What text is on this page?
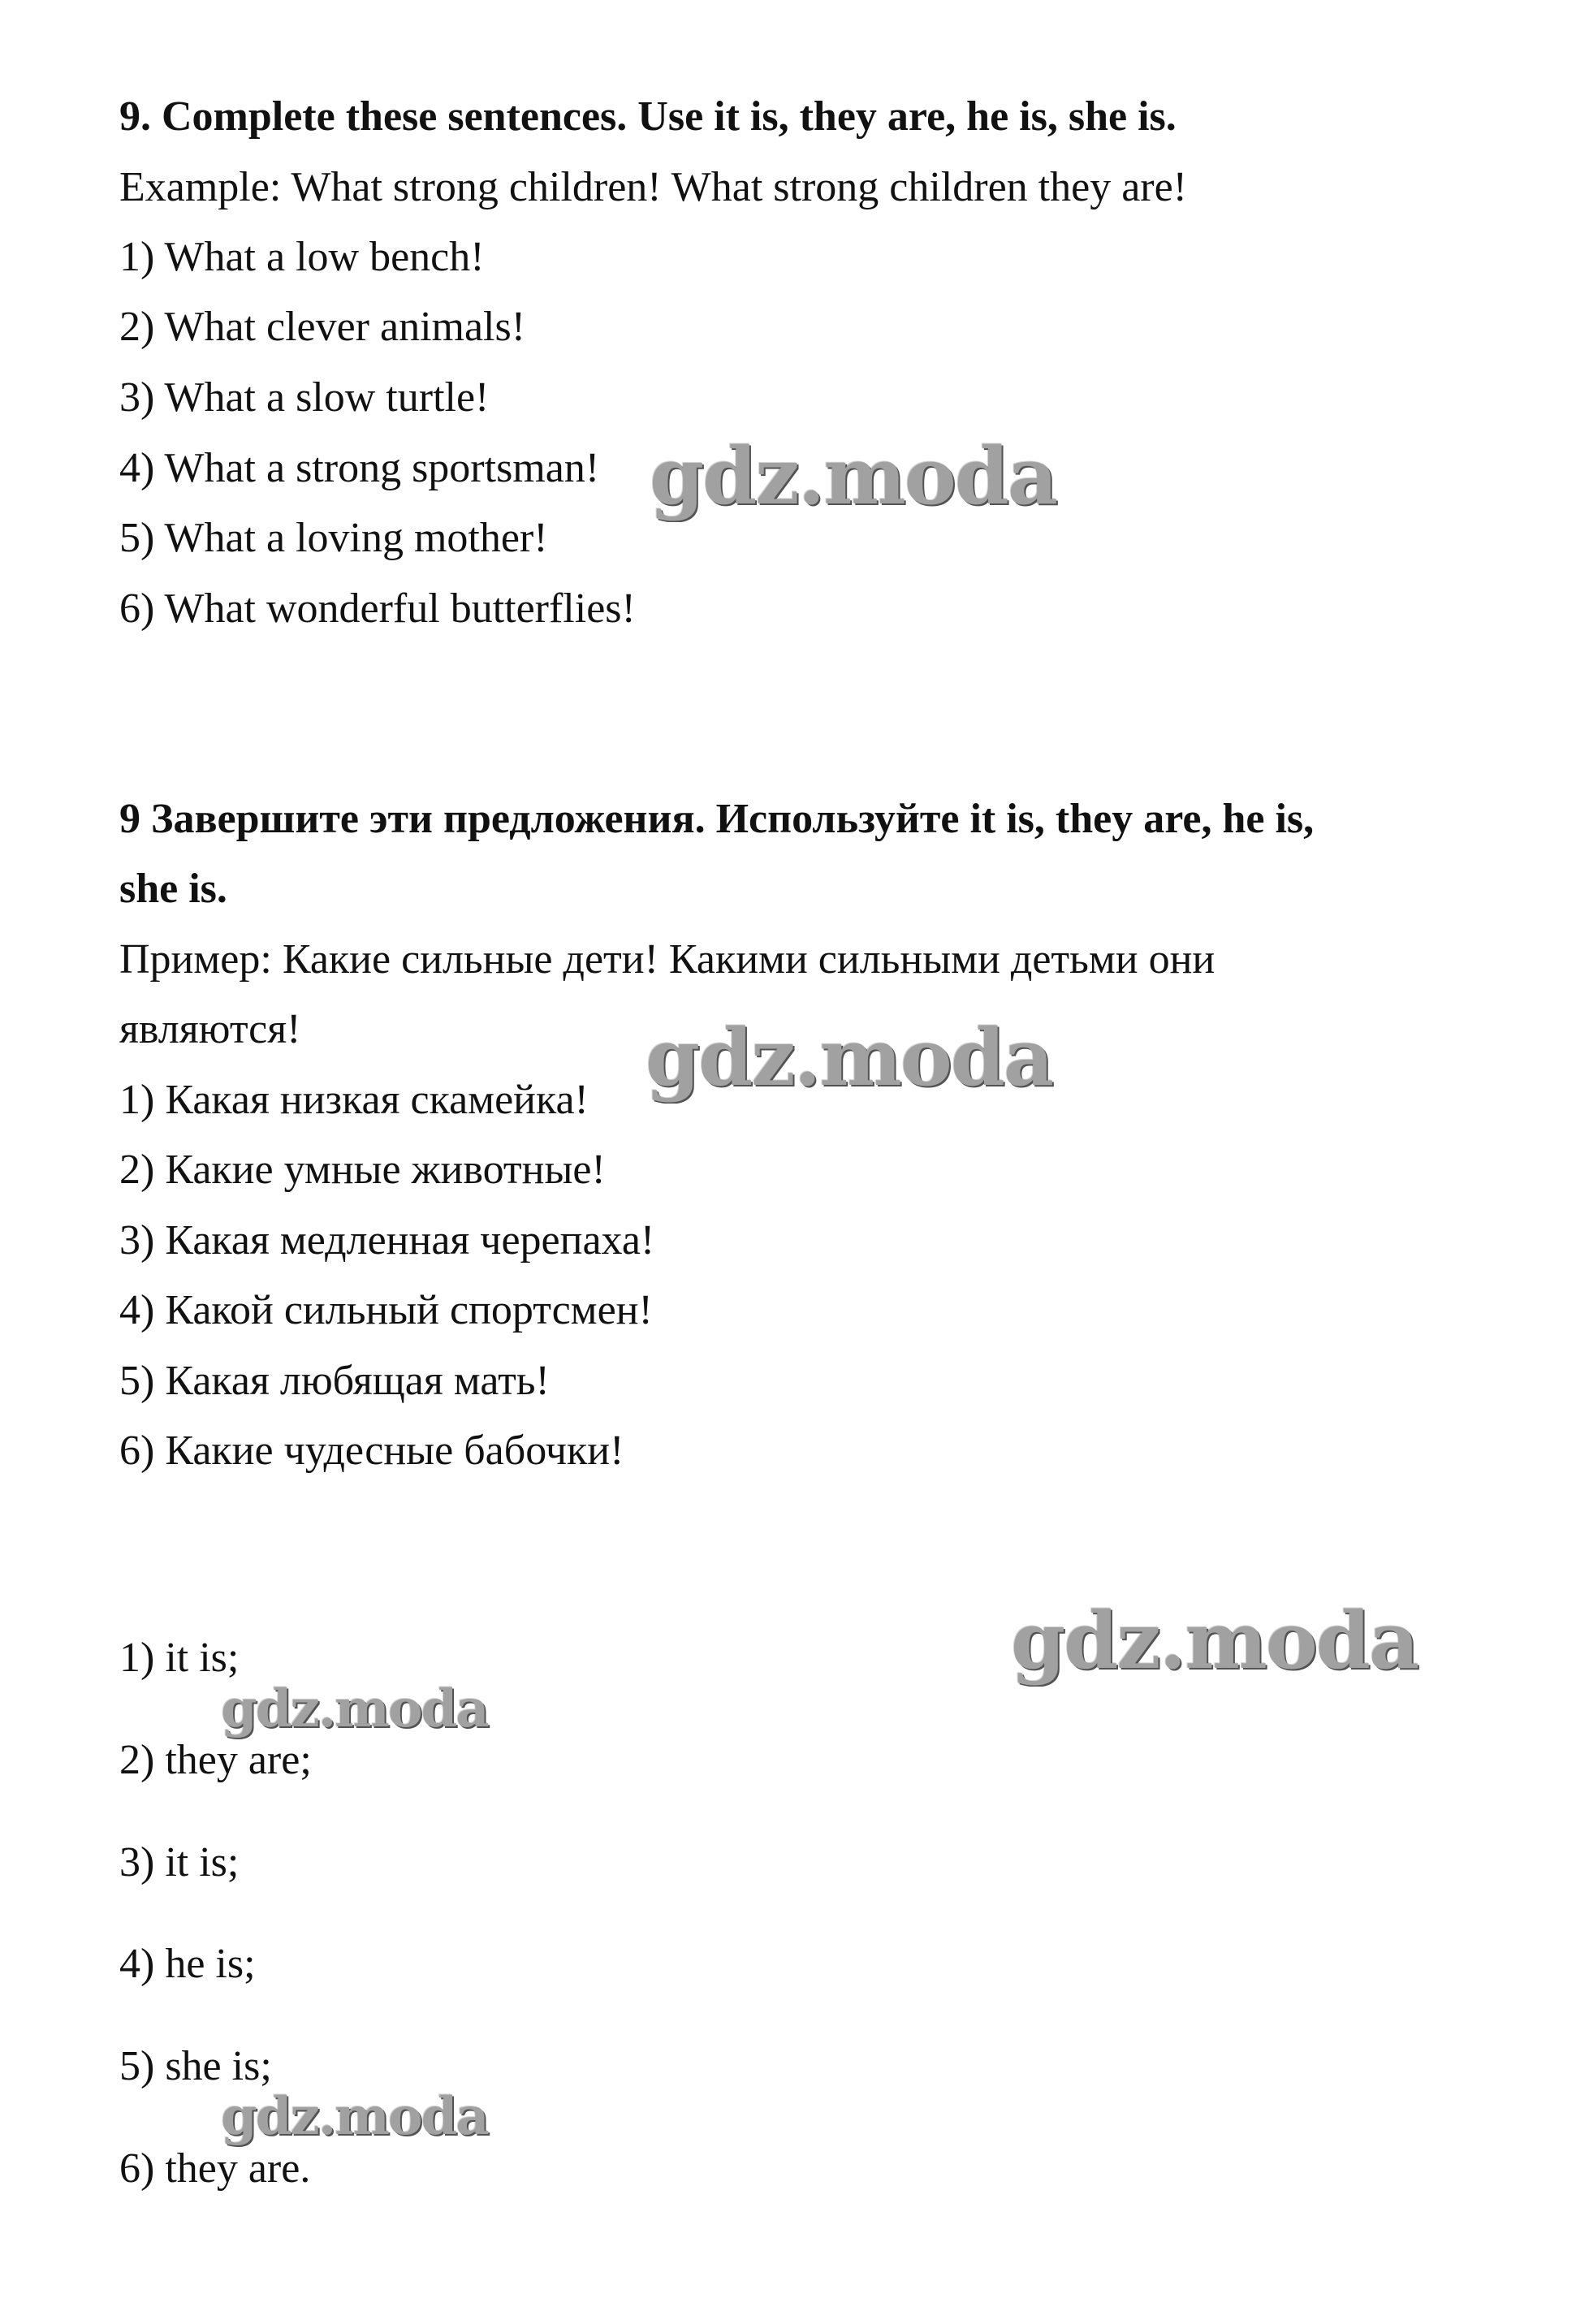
9. Complete these sentences. Use it is, they are, he is, she is.
Example: What strong children! What strong children they are!
1) What a low bench!
2) What clever animals!
3) What a slow turtle!
4) What a strong sportsman!
5) What a loving mother!
6) What wonderful butterflies!
9 Завершите эти предложения. Используйте it is, they are, he is,
she is.
Пример: Какие сильные дети! Какими сильными детьми они
являются!
1) Какая низкая скамейка!
2) Какие умные животные!
3) Какая медленная черепаха!
4) Какой сильный спортсмен!
5) Какая любящая мать!
6) Какие чудесные бабочки!
1) it is;
2) they are;
3) it is;
4) he is;
5) she is;
6) they are.
gdz.moda
gdz.moda
gdz.moda
gdz.moda
gdz.moda
